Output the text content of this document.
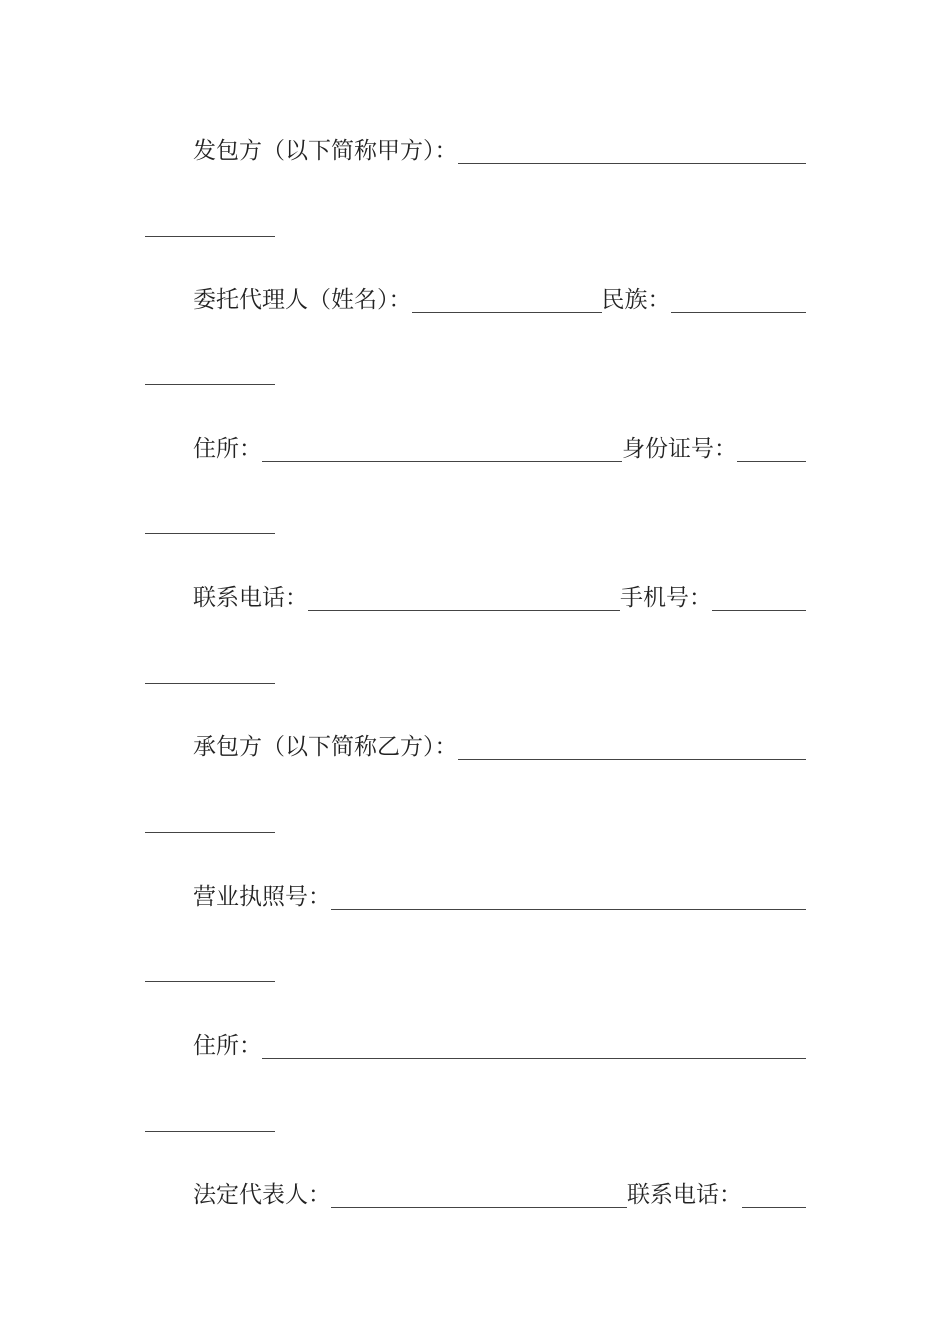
发包方（以下简称甲方）：
委托代理人（姓名）：	民族：
住所：	身份证号：
联系电话：	手机号：
承包方（以下简称乙方）：
营业执照号：
住所：
法定代表人：	联系电话：
